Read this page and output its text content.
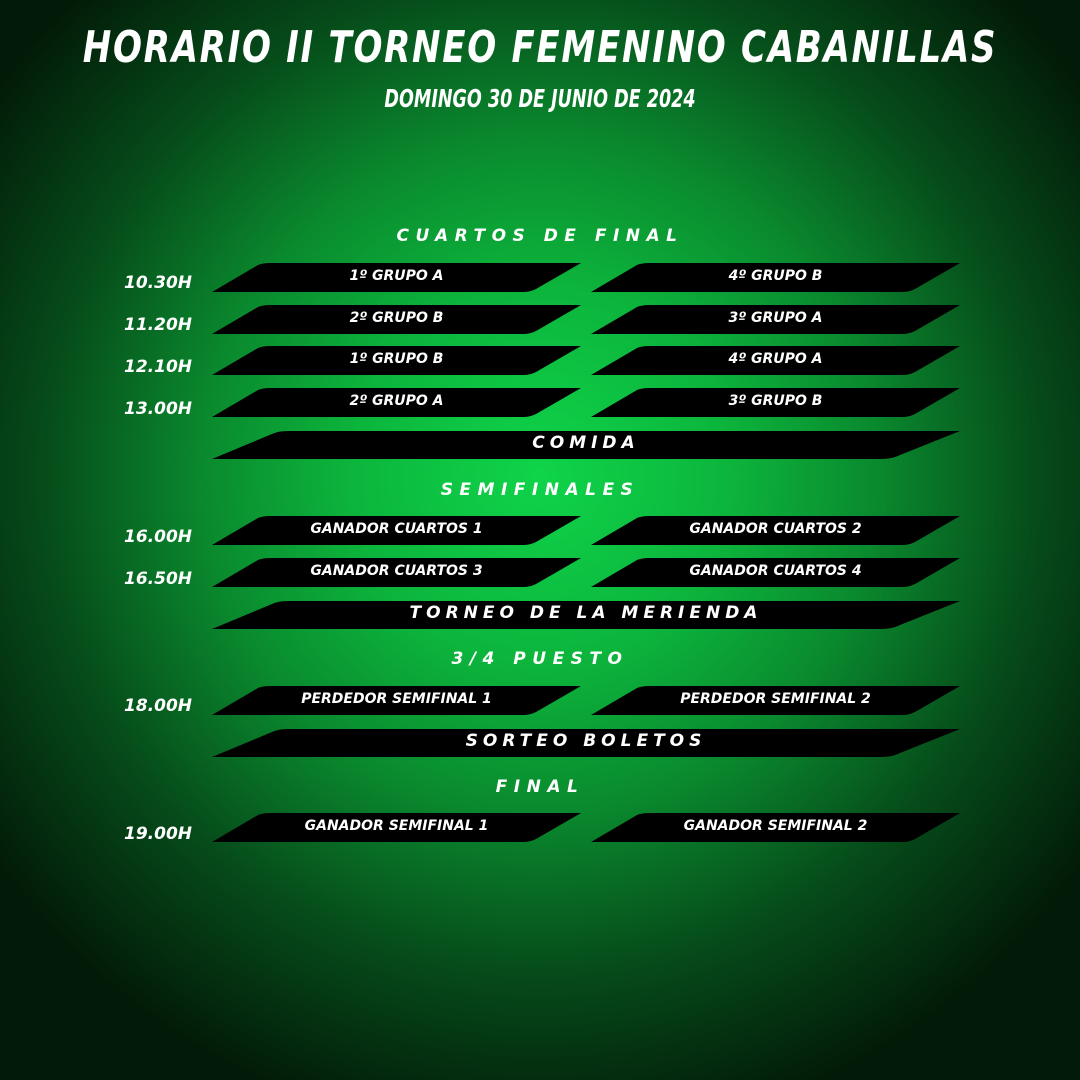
HORARIO II TORNEO FEMENINO CABANILLAS
DOMINGO 30 DE JUNIO DE 2024
CUARTOS DE FINAL
10.30H	1º GRUPO A	4º GRUPO B
11.20H	2º GRUPO B	3º GRUPO A
12.10H	1º GRUPO B	4º GRUPO A
13.00H	2º GRUPO A	3º GRUPO B
COMIDA
SEMIFINALES
16.00H	GANADOR CUARTOS 1	GANADOR CUARTOS 2
16.50H	GANADOR CUARTOS 3	GANADOR CUARTOS 4
TORNEO DE LA MERIENDA
3/4 PUESTO
18.00H	PERDEDOR SEMIFINAL 1	PERDEDOR SEMIFINAL 2
SORTEO BOLETOS
FINAL
19.00H	GANADOR SEMIFINAL 1	GANADOR SEMIFINAL 2
